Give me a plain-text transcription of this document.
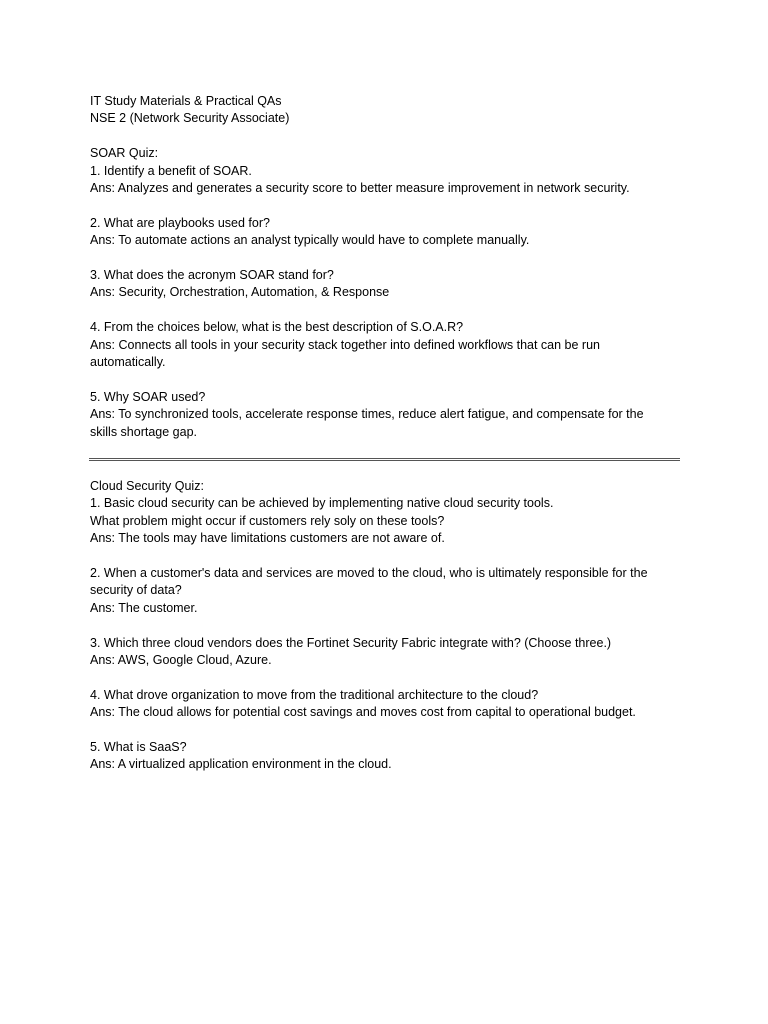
IT Study Materials & Practical QAs

NSE 2 (Network Security Associate)

SOAR Quiz:

1. Identify a benefit of SOAR.

Ans: Analyzes and generates a security score to better measure improvement in network security.

2. What are playbooks used for?

Ans: To automate actions an analyst typically would have to complete manually.

3. What does the acronym SOAR stand for?

Ans: Security, Orchestration, Automation, & Response

4. From the choices below, what is the best description of S.O.A.R?

Ans: Connects all tools in your security stack together into defined workflows that can be run

automatically.

5. Why SOAR used?

Ans: To synchronized tools, accelerate response times, reduce alert fatigue, and compensate for the

skills shortage gap.

Cloud Security Quiz:

1. Basic cloud security can be achieved by implementing native cloud security tools.

What problem might occur if customers rely soly on these tools?

Ans: The tools may have limitations customers are not aware of.

2. When a customer's data and services are moved to the cloud, who is ultimately responsible for the

security of data?

Ans: The customer.

3. Which three cloud vendors does the Fortinet Security Fabric integrate with? (Choose three.)

Ans: AWS, Google Cloud, Azure.

4. What drove organization to move from the traditional architecture to the cloud?

Ans: The cloud allows for potential cost savings and moves cost from capital to operational budget.

5. What is SaaS?

Ans: A virtualized application environment in the cloud.
